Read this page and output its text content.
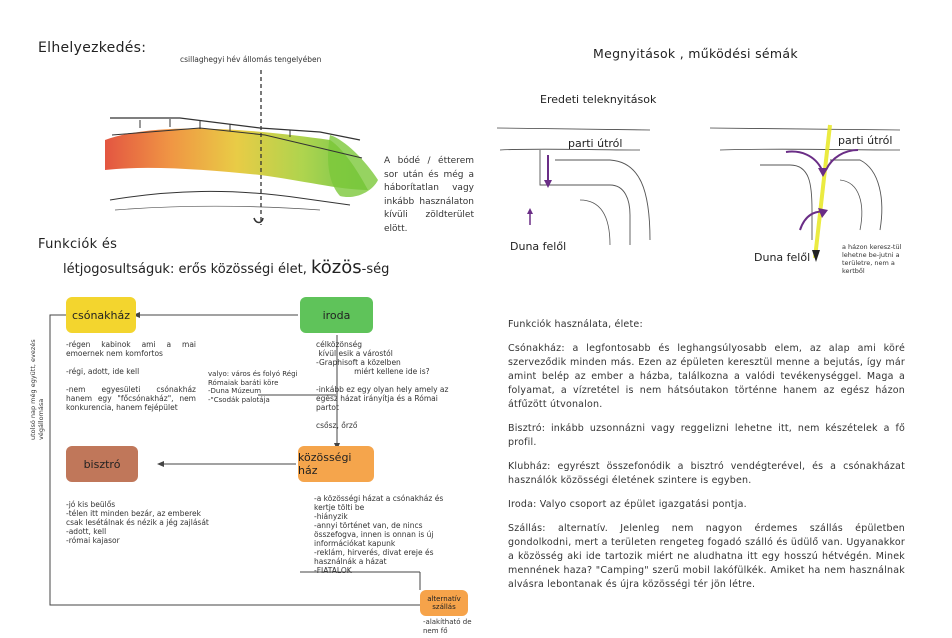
Elhelyezkedés:
csillaghegyi hév állomás tengelyében
A bódé / étterem sor után és még a háborítatlan vagy inkább használaton kívüli zöldterület elött.
Megnyitások , működési sémák
Eredeti teleknyitások
parti útról
Duna felől
parti útról
Duna felől
a házon keresz-tül lehetne be-jutni a területre, nem a kertből
Funkciók és
létjogosultságuk: erős közösségi élet, közös-ség
utolsó nap még együtt, evezés végállomása
csónakház	iroda
bisztró	közösségi ház
alternatív szállás
-régen kabinok ami a mai emoernek nem komfortos

-régi, adott, ide kell

-nem egyesületi csónakház hanem egy "főcsónakház", nem konkurencia, hanem fejépület
valyo: város és folyó Régi Rómaiak baráti köre
-Duna Múzeum
-"Csodák palotája
célközönség
kívül esik a várostól
-Graphisoft a közelben
miért kellene ide is?

-inkább ez egy olyan hely amely az egész házat irányítja és a Római partot

csősz, őrző
-jó kis beülős
-télen itt minden bezár, az emberek csak lesétálnak és nézik a jég zajlását
-adott, kell
-római kajasor
-a közösségi házat a csónakház és kertje tölti be
-hiányzik
-annyi történet van, de nincs összefogva, innen is onnan is új információkat kapunk
-reklám, hirverés, divat ereje és használnák a házat
-FIATALOK
-alakítható de nem fő

Funkciók használata, élete:

Csónakház: a legfontosabb és leghangsúlyosabb elem, az alap ami köré szerveződik minden más. Ezen az épületen keresztül menne a bejutás, így már amint belép az ember a házba, találkozna a valódi tevékenységgel. Maga a folyamat, a vízretétel is nem hátsóutakon történne hanem az egész házon átfűzött útvonalon.

Bisztró: inkább uzsonnázni vagy reggelizni lehetne itt, nem készételek a fő profil.

Klubház: egyrészt összefonódik a bisztró vendégterével, és a csónakházat használók közösségi életének szintere is egyben.

Iroda: Valyo csoport az épület igazgatási pontja.

Szállás: alternatív. Jelenleg nem nagyon érdemes szállás épületben gondolkodni, mert a területen rengeteg fogadó szálló és üdülő van. Ugyanakkor a közösség aki ide tartozik miért ne aludhatna itt egy hosszú hétvégén. Minek mennének haza? "Camping" szerű mobil lakófülkék. Amiket ha nem használnak alvásra lebontanak és újra közösségi tér jön létre.
